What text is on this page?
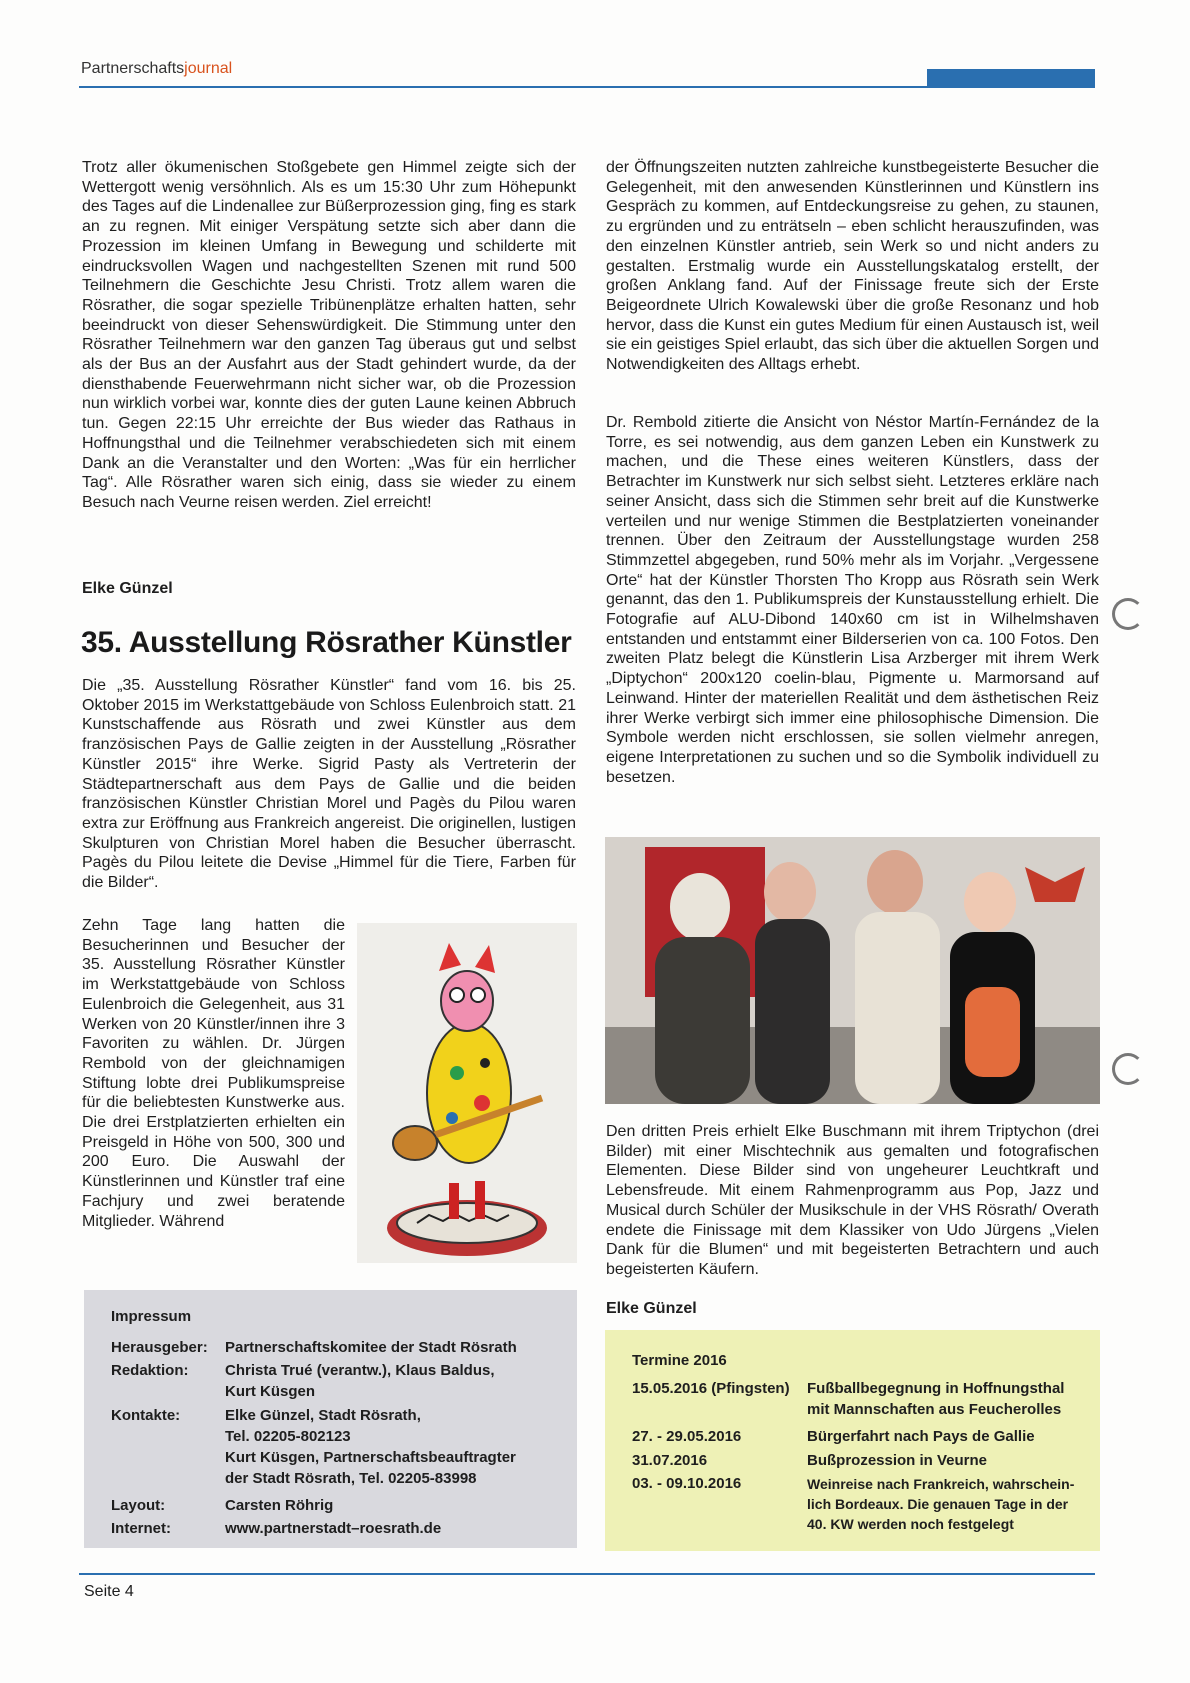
Partnerschaftsjournal

Trotz aller ökumenischen Stoßgebete gen Himmel zeigte sich der Wettergott wenig versöhnlich. Als es um 15:30 Uhr zum Höhepunkt des Tages auf die Lindenallee zur Büßerprozession ging, fing es stark an zu regnen. Mit einiger Verspätung setzte sich aber dann die Prozession im kleinen Umfang in Bewegung und schilderte mit eindrucksvollen Wagen und nachgestellten Szenen mit rund 500 Teilnehmern die Geschichte Jesu Christi. Trotz allem waren die Rösrather, die sogar spezielle Tribünenplätze erhalten hatten, sehr beeindruckt von dieser Sehenswürdigkeit. Die Stimmung unter den Rösrather Teilnehmern war den ganzen Tag überaus gut und selbst als der Bus an der Ausfahrt aus der Stadt gehindert wurde, da der diensthabende Feuerwehrmann nicht sicher war, ob die Prozession nun wirklich vorbei war, konnte dies der guten Laune keinen Abbruch tun. Gegen 22:15 Uhr erreichte der Bus wieder das Rathaus in Hoffnungsthal und die Teilnehmer verabschiedeten sich mit einem Dank an die Veranstalter und den Worten: „Was für ein herrlicher Tag“. Alle Rösrather waren sich einig, dass sie wieder zu einem Besuch nach Veurne reisen werden. Ziel erreicht!

Elke Günzel
35. Ausstellung Rösrather Künstler

Die „35. Ausstellung Rösrather Künstler“ fand vom 16. bis 25. Oktober 2015 im Werkstattgebäude von Schloss Eulenbroich statt. 21 Kunstschaffende aus Rösrath und zwei Künstler aus dem französischen Pays de Gallie zeigten in der Ausstellung „Rösrather Künstler 2015“ ihre Werke. Sigrid Pasty als Vertreterin der Städtepartnerschaft aus dem Pays de Gallie und die beiden französischen Künstler Christian Morel und Pagès du Pilou waren extra zur Eröffnung aus Frankreich angereist. Die originellen, lustigen Skulpturen von Christian Morel haben die Besucher überrascht. Pagès du Pilou leitete die Devise „Himmel für die Tiere, Farben für die Bilder“.

Zehn Tage lang hatten die Besucherinnen und Besucher der 35. Ausstellung Rösrather Künstler im Werkstattgebäude von Schloss Eulenbroich die Gelegenheit, aus 31 Werken von 20 Künstler/innen ihre 3 Favoriten zu wählen. Dr. Jürgen Rembold von der gleichnamigen Stiftung lobte drei Publikumspreise für die beliebtesten Kunstwerke aus. Die drei Erstplatzierten erhielten ein Preisgeld in Höhe von 500, 300 und 200 Euro. Die Auswahl der Künstlerinnen und Künstler traf eine Fachjury und zwei beratende Mitglieder. Während

der Öffnungszeiten nutzten zahlreiche kunstbegeisterte Besucher die Gelegenheit, mit den anwesenden Künstlerinnen und Künstlern ins Gespräch zu kommen, auf Entdeckungsreise zu gehen, zu staunen, zu ergründen und zu enträtseln – eben schlicht herauszufinden, was den einzelnen Künstler antrieb, sein Werk so und nicht anders zu gestalten. Erstmalig wurde ein Ausstellungskatalog erstellt, der großen Anklang fand. Auf der Finissage freute sich der Erste Beigeordnete Ulrich Kowalewski über die große Resonanz und hob hervor, dass die Kunst ein gutes Medium für einen Austausch ist, weil sie ein geistiges Spiel erlaubt, das sich über die aktuellen Sorgen und Notwendigkeiten des Alltags erhebt.

Dr. Rembold zitierte die Ansicht von Néstor Martín-Fernández de la Torre, es sei notwendig, aus dem ganzen Leben ein Kunstwerk zu machen, und die These eines weiteren Künstlers, dass der Betrachter im Kunstwerk nur sich selbst sieht. Letzteres erkläre nach seiner Ansicht, dass sich die Stimmen sehr breit auf die Kunstwerke verteilen und nur wenige Stimmen die Bestplatzierten voneinander trennen. Über den Zeitraum der Ausstellungstage wurden 258 Stimmzettel abgegeben, rund 50% mehr als im Vorjahr. „Vergessene Orte“ hat der Künstler Thorsten Tho Kropp aus Rösrath sein Werk genannt, das den 1. Publikumspreis der Kunstausstellung erhielt. Die Fotografie auf ALU-Dibond 140x60 cm ist in Wilhelmshaven entstanden und entstammt einer Bilderserien von ca. 100 Fotos. Den zweiten Platz belegt die Künstlerin Lisa Arzberger mit ihrem Werk „Diptychon“ 200x120 coelin-blau, Pigmente u. Marmorsand auf Leinwand. Hinter der materiellen Realität und dem ästhetischen Reiz ihrer Werke verbirgt sich immer eine philosophische Dimension. Die Symbole werden nicht erschlossen, sie sollen vielmehr anregen, eigene Interpretationen zu suchen und so die Symbolik individuell zu besetzen.

Den dritten Preis erhielt Elke Buschmann mit ihrem Triptychon (drei Bilder) mit einer Mischtechnik aus gemalten und fotografischen Elementen. Diese Bilder sind von ungeheurer Leuchtkraft und Lebensfreude. Mit einem Rahmenprogramm aus Pop, Jazz und Musical durch Schüler der Musikschule in der VHS Rösrath/ Overath endete die Finissage mit dem Klassiker von Udo Jürgens „Vielen Dank für die Blumen“ und mit begeisterten Betrachtern und auch begeisterten Käufern.

Elke Günzel
Impressum
Herausgeber: Partnerschaftskomitee der Stadt Rösrath
Redaktion: Christa Trué (verantw.), Klaus Baldus,
Kurt Küsgen
Kontakte:	Elke Günzel, Stadt Rösrath,
Tel. 02205-802123
Kurt Küsgen, Partnerschaftsbeauftragter
der Stadt Rösrath, Tel. 02205-83998
Layout:	Carsten Röhrig
Internet:	www.partnerstadt–roesrath.de
Termine 2016
15.05.2016 (Pfingsten) Fußballbegegnung in Hoffnungsthal
mit Mannschaften aus Feucherolles
27. - 29.05.2016	Bürgerfahrt nach Pays de Gallie
31.07.2016	Bußprozession in Veurne
03. - 09.10.2016	Weinreise nach Frankreich, wahrschein-
lich Bordeaux. Die genauen Tage in der
40. KW werden noch festgelegt
Seite 4
